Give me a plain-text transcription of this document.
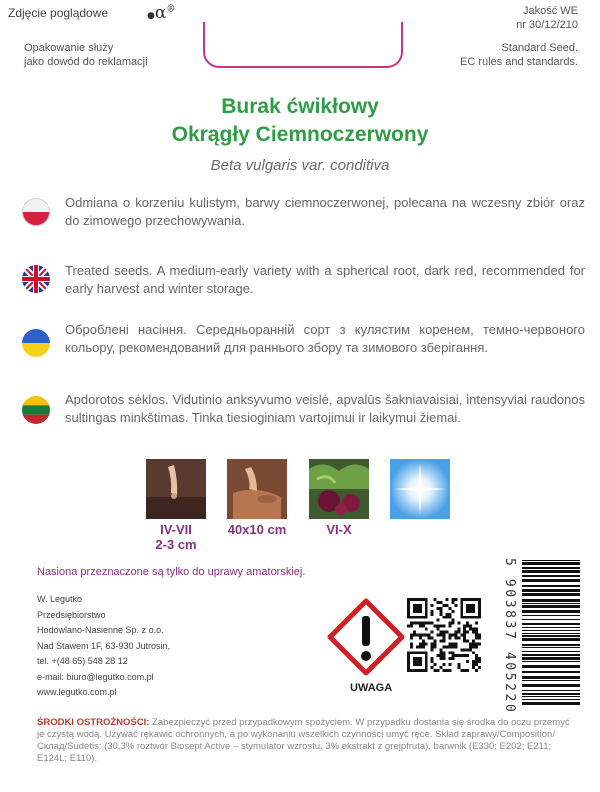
Zdjęcie poglądowe	●α®	Jakość WE
nr 30/12/210
Opakowanie służy
jako dowód do reklamacji
Standard Seed.
EC rules and standards.
Burak ćwikłowy
Okrągły Ciemnoczerwony
Beta vulgaris var. conditiva
Odmiana o korzeniu kulistym, barwy ciemnoczerwonej, polecana na wczesny zbiór oraz do zimowego przechowywania.
Treated seeds. A medium-early variety with a spherical root, dark red, recommended for early harvest and winter storage.
Оброблені насіння. Середньоранній сорт з кулястим коренем, темно-червоного кольору, рекомендований для раннього збору та зимового зберігання.
Apdorotos sėklos. Vidutinio anksyvumo veislė, apvalūs šakniavaisiai, intensyviai raudonos sultingas minkštimas. Tinka tiesioginiam vartojimui ir laikymui žiemai.
IV-VII
2-3 cm
40x10 cm	VI-X
Nasiona przeznaczone są tylko do uprawy amatorskiej.
W. Legutko
Przedsiębiorstwo
Hodowlano-Nasienne Sp. z o.o.
Nad Stawem 1F, 63-930 Jutrosin,
tel. +(48 65) 548 28 12
e-mail: biuro@legutko.com.pl
www.legutko.com.pl	UWAGA	5 903837 405220
ŚRODKI OSTROŻNOŚCI: Zabezpieczyć przed przypadkowym spożyciem. W przypadku dostania się środka do oczu przemyć je czystą wodą. Używać rękawic ochronnych, a po wykonaniu wszelkich czynności umyć ręce. Skład zaprawy/Composition/Склад/Sudėtis: (30,3% roztwór Biosept Active – stymulator wzrostu, 3% ekstrakt z grejpfruta), barwnik (E330; E202; E211; E124L; E110).
